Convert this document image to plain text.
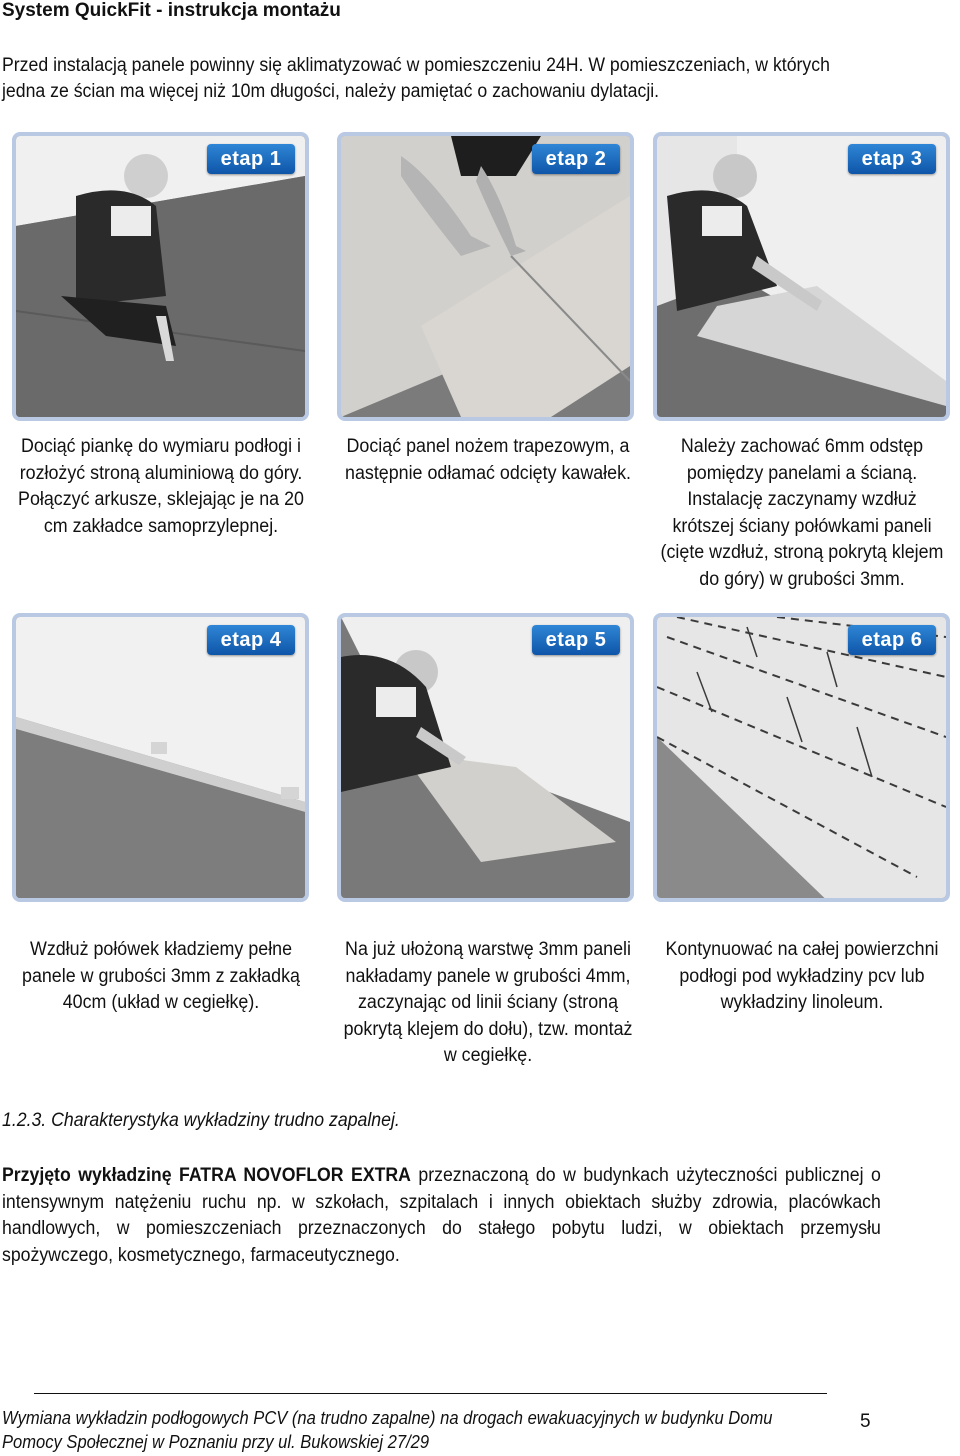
System QuickFit - instrukcja montażu
Przed instalacją panele powinny się aklimatyzować w pomieszczeniu 24H. W pomieszczeniach, w których jedna ze ścian ma więcej niż 10m długości, należy pamiętać o zachowaniu dylatacji.
etap 1	etap 2	etap 3
Dociąć piankę do wymiaru podłogi i rozłożyć stroną aluminiową do góry. Połączyć arkusze, sklejając je na 20 cm zakładce samoprzylepnej.
Dociąć panel nożem trapezowym, a następnie odłamać odcięty kawałek.
Należy zachować 6mm odstęp pomiędzy panelami a ścianą. Instalację zaczynamy wzdłuż krótszej ściany połówkami paneli (cięte wzdłuż, stroną pokrytą klejem do góry) w grubości 3mm.
etap 4	etap 5	etap 6
Wzdłuż połówek kładziemy pełne panele w grubości 3mm z zakładką 40cm (układ w cegiełkę).
Na już ułożoną warstwę 3mm paneli nakładamy panele w grubości 4mm, zaczynając od linii ściany (stroną pokrytą klejem do dołu), tzw. montaż w cegiełkę.
Kontynuować na całej powierzchni podłogi pod wykładziny pcv lub wykładziny linoleum.
1.2.3. Charakterystyka wykładziny trudno zapalnej.
Przyjęto wykładzinę FATRA NOVOFLOR EXTRA przeznaczoną do w budynkach użyteczności publicznej o intensywnym natężeniu ruchu np. w szkołach, szpitalach i innych obiektach służby zdrowia, placówkach handlowych, w pomieszczeniach przeznaczonych do stałego pobytu ludzi, w obiektach przemysłu spożywczego, kosmetycznego, farmaceutycznego.
Wymiana wykładzin podłogowych PCV (na trudno zapalne) na drogach ewakuacyjnych w budynku Domu Pomocy Społecznej w Poznaniu przy ul. Bukowskiej 27/29
5
